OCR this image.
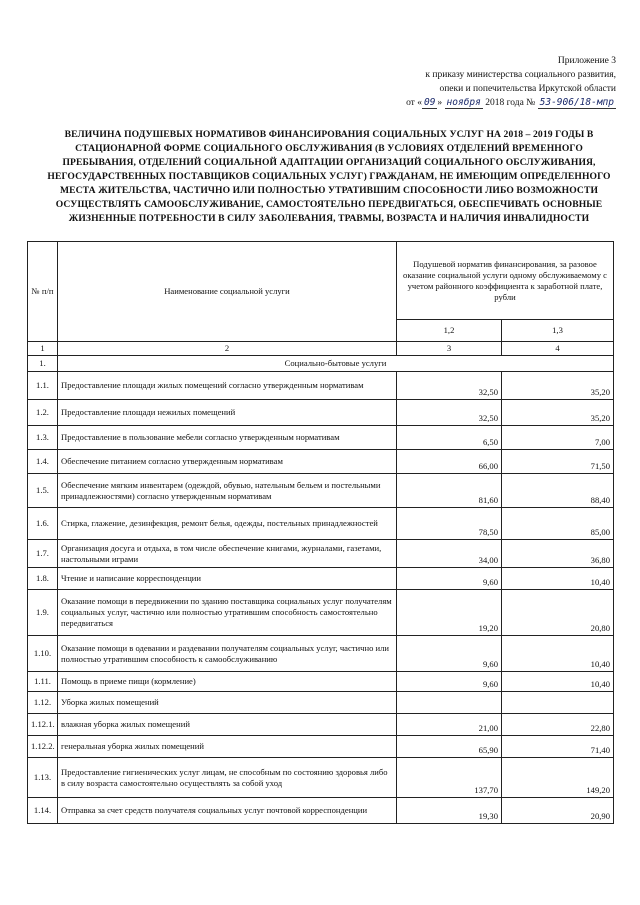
Приложение 3
к приказу министерства социального развития,
опеки и попечительства Иркутской области
от « 09 » ноября 2018 года № 53-906/18-мпр
ВЕЛИЧИНА ПОДУШЕВЫХ НОРМАТИВОВ ФИНАНСИРОВАНИЯ СОЦИАЛЬНЫХ УСЛУГ НА 2018 – 2019 ГОДЫ В СТАЦИОНАРНОЙ ФОРМЕ СОЦИАЛЬНОГО ОБСЛУЖИВАНИЯ (В УСЛОВИЯХ ОТДЕЛЕНИЙ ВРЕМЕННОГО ПРЕБЫВАНИЯ, ОТДЕЛЕНИЙ СОЦИАЛЬНОЙ АДАПТАЦИИ ОРГАНИЗАЦИЙ СОЦИАЛЬНОГО ОБСЛУЖИВАНИЯ, НЕГОСУДАРСТВЕННЫХ ПОСТАВЩИКОВ СОЦИАЛЬНЫХ УСЛУГ) ГРАЖДАНАМ, НЕ ИМЕЮЩИМ ОПРЕДЕЛЕННОГО МЕСТА ЖИТЕЛЬСТВА, ЧАСТИЧНО ИЛИ ПОЛНОСТЬЮ УТРАТИВШИМ СПОСОБНОСТИ ЛИБО ВОЗМОЖНОСТИ ОСУЩЕСТВЛЯТЬ САМООБСЛУЖИВАНИЕ, САМОСТОЯТЕЛЬНО ПЕРЕДВИГАТЬСЯ, ОБЕСПЕЧИВАТЬ ОСНОВНЫЕ ЖИЗНЕННЫЕ ПОТРЕБНОСТИ В СИЛУ ЗАБОЛЕВАНИЯ, ТРАВМЫ, ВОЗРАСТА И НАЛИЧИЯ ИНВАЛИДНОСТИ
№ п/п	Наименование социальной услуги	Подушевой норматив финансирования, за разовое оказание социальной услуги одному обслуживаемому с учетом районного коэффициента к заработной плате, рубли	
		1,2	1,3
1	2	3	4
1.	Социально-бытовые услуги		
1.1.	Предоставление площади жилых помещений согласно утвержденным нормативам	32,50	35,20
1.2.	Предоставление площади нежилых помещений	32,50	35,20
1.3.	Предоставление в пользование мебели согласно утвержденным нормативам	6,50	7,00
1.4.	Обеспечение питанием согласно утвержденным нормативам	66,00	71,50
1.5.	Обеспечение мягким инвентарем (одеждой, обувью, нательным бельем и постельными принадлежностями) согласно утвержденным нормативам	81,60	88,40
1.6.	Стирка, глажение, дезинфекция, ремонт белья, одежды, постельных принадлежностей	78,50	85,00
1.7.	Организация досуга и отдыха, в том числе обеспечение книгами, журналами, газетами, настольными играми	34,00	36,80
1.8.	Чтение и написание корреспонденции	9,60	10,40
1.9.	Оказание помощи в передвижении по зданию поставщика социальных услуг получателям социальных услуг, частично или полностью утратившим способность самостоятельно передвигаться	19,20	20,80
1.10.	Оказание помощи в одевании и раздевании получателям социальных услуг, частично или полностью утратившим способность к самообслуживанию	9,60	10,40
1.11.	Помощь в приеме пищи (кормление)	9,60	10,40
1.12.	Уборка жилых помещений		
1.12.1.	влажная уборка жилых помещений	21,00	22,80
1.12.2.	генеральная уборка жилых помещений	65,90	71,40
1.13.	Предоставление гигиенических услуг лицам, не способным по состоянию здоровья либо в силу возраста самостоятельно осуществлять за собой уход	137,70	149,20
1.14.	Отправка за счет средств получателя социальных услуг почтовой корреспонденции	19,30	20,90
